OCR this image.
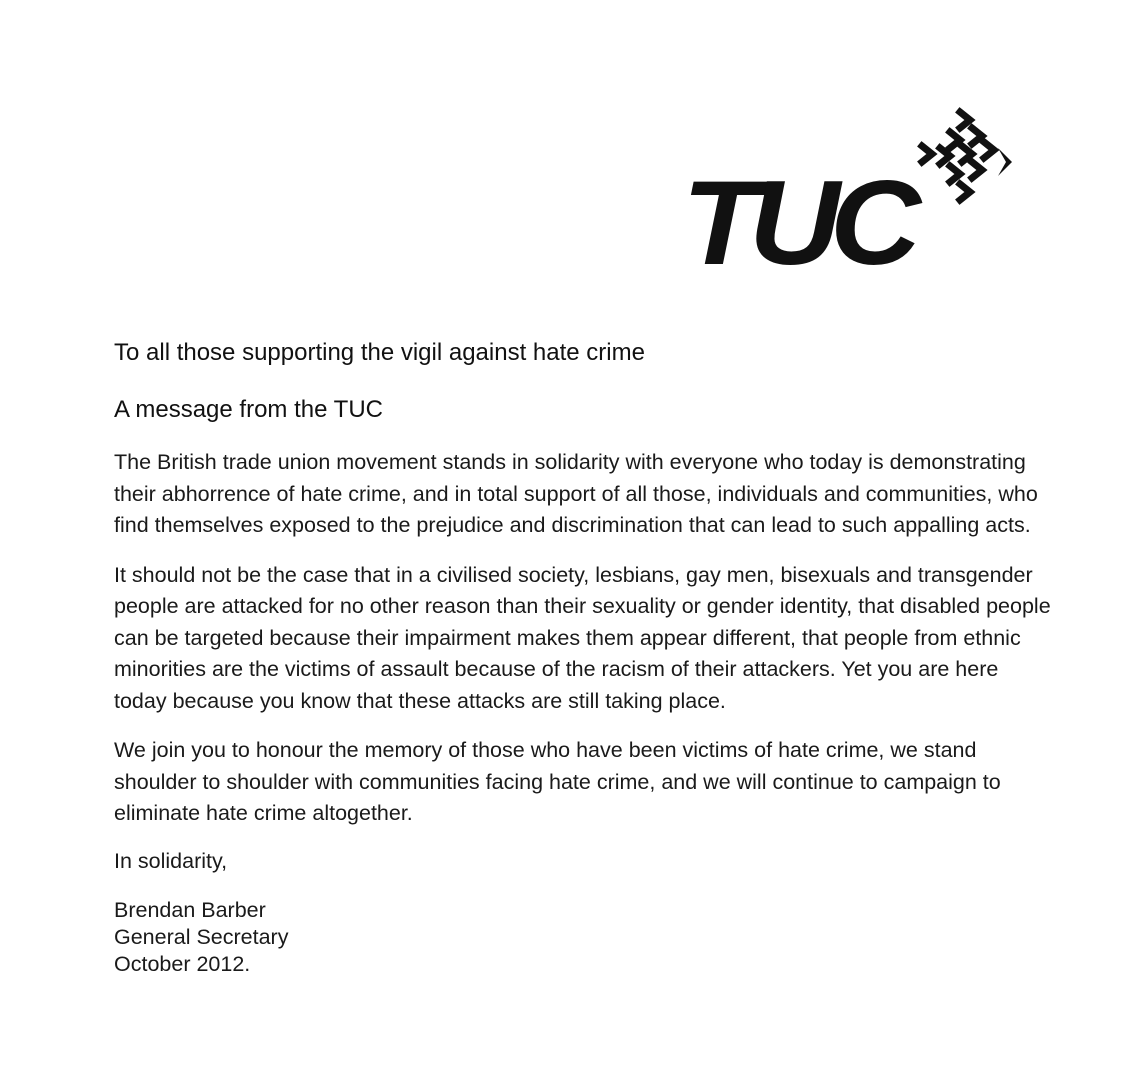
TUC

To all those supporting the vigil against hate crime

A message from the TUC

The British trade union movement stands in solidarity with everyone who today is demonstrating their abhorrence of hate crime, and in total support of all those, individuals and communities, who find themselves exposed to the prejudice and discrimination that can lead to such appalling acts.

It should not be the case that in a civilised society, lesbians, gay men, bisexuals and transgender people are attacked for no other reason than their sexuality or gender identity, that disabled people can be targeted because their impairment makes them appear different, that people from ethnic minorities are the victims of assault because of the racism of their attackers. Yet you are here today because you know that these attacks are still taking place.

We join you to honour the memory of those who have been victims of hate crime, we stand shoulder to shoulder with communities facing hate crime, and we will continue to campaign to eliminate hate crime altogether.

In solidarity,

Brendan Barber

General Secretary

October 2012.
